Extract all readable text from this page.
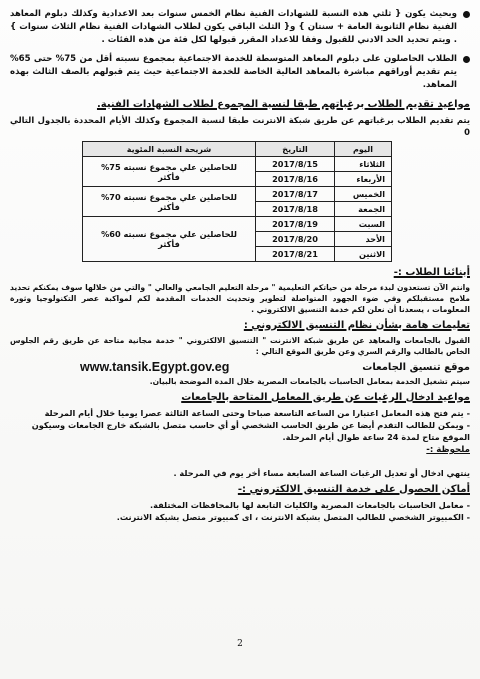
وبحيث يكون { ثلثي هذه النسبة للشهادات الفنية نظام الخمس سنوات بعد الاعدادية وكذلك دبلوم المعاهد الفنية نظام الثانوية العامة + سنتان } و{ الثلث الباقي يكون لطلاب الشهادات الفنية نظام الثلاث سنوات } . ويتم تحديد الحد الادني للقبول وفقا للاعداد المقرر قبولها لكل فئة من هذه الفئات .
الطلاب الحاصلون على دبلوم المعاهد المتوسطة للخدمة الاجتماعية بمجموع نسبته أقل من 75% حتى 65% يتم تقديم أوراقهم مباشرة بالمعاهد العالية الخاصة للخدمة الاجتماعية حيث يتم قبولهم بالصف الثالث بهذه المعاهد.
مواعيد تقديم الطلاب برغباتهم طبقا لنسبة المجموع لطلاب الشهادات الفنية.
يتم تقديم الطلاب برغباتهم عن طريق شبكة الانترنت طبقا لنسبة المجموع وكذلك الأيام المحددة بالجدول التالي 0
اليوم	التاريخ	شريحة النسبة المئوية
الثلاثاء	2017/8/15	للحاصلين علي مجموع نسبته 75% فأكثر
الأربعاء	2017/8/16	
الخميس	2017/8/17	للحاصلين علي مجموع نسبته 70% فأكثر
الجمعة	2017/8/18	
السبت	2017/8/19	للحاصلين علي مجموع نسبته 60% فأكثر
الأحد	2017/8/20	
الاثنين	2017/8/21	
أبنائنا الطلاب :-
وانتم الآن تستعدون لبدء مرحلة من حياتكم التعليمية " مرحلة التعليم الجامعي والعالي " والتي من خلالها سوف يمكنكم تحديد ملامح مستقبلكم وفي ضوء الجهود المتواصلة لتطوير وتحديث الخدمات المقدمة لكم لمواكبة عصر التكنولوجيا وثورة المعلومات ، يسعدنا أن نعلن لكم خدمة التنسيق الالكتروني .
تعليمات هامة بشأن نظام التنسيق الالكتروني :
القبول بالجامعات والمعاهد عن طريق شبكة الانترنت " التنسيق الالكتروني " خدمة مجانية متاحة عن طريق رقم الجلوس الخاص بالطالب والرقم السري وعن طريق الموقع التالي :
موقع تنسيق الجامعات
www.tansik.Egypt.gov.eg
سيتم تشغيل الخدمة بمعامل الحاسبات بالجامعات المصرية خلال المدة الموضحة بالبيان.
مواعيد ادخال الرغبات عن طريق المعامل المتاحة بالجامعات
- يتم فتح هذه المعامل اعتبارا من الساعه التاسعة صباحا وحتى الساعة الثالثة عصرا يوميا خلال أيام المرحلة
- ويمكن للطالب التقدم أيضا عن طريق الحاسب الشخصي أو أي حاسب متصل بالشبكة خارج الجامعات وسيكون الموقع متاح لمدة 24 ساعة طوال أيام المرحلة.
ملحوظة :-
ينتهي ادخال أو تعديل الرغبات الساعة السابعة مساء أخر يوم في المرحلة .
أماكن الحصول على خدمة التنسيق الالكتروني :-
- معامل الحاسبات بالجامعات المصرية والكليات التابعة لها بالمحافظات المختلفة.
- الكمبيوتر الشخصي للطالب المتصل بشبكة الانترنت ، اى كمبيوتر متصل بشبكة الانترنت.
2
